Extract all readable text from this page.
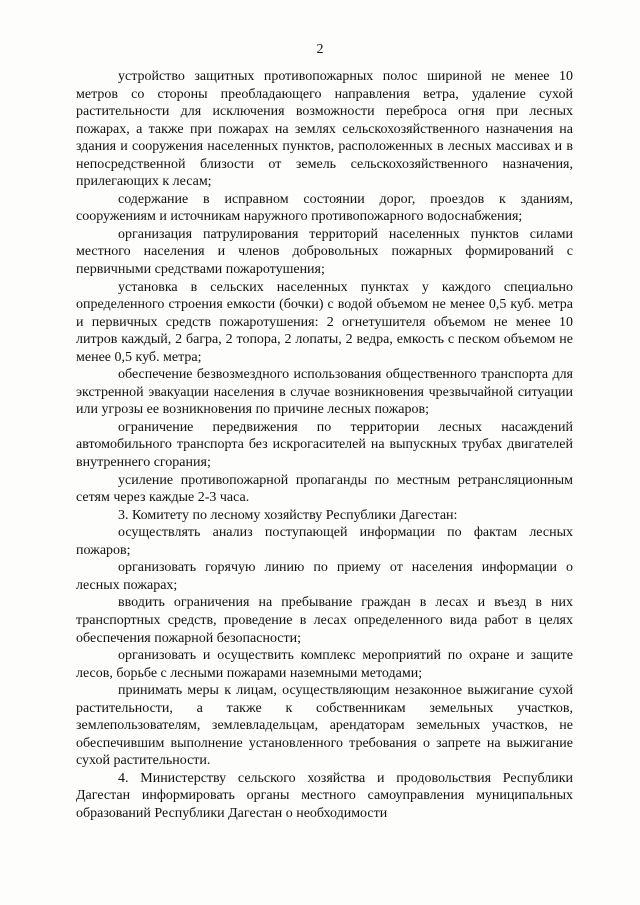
2

устройство защитных противопожарных полос шириной не менее 10 метров со стороны преобладающего направления ветра, удаление сухой растительности для исключения возможности переброса огня при лесных пожарах, а также при пожарах на землях сельскохозяйственного назначения на здания и сооружения населенных пунктов, расположенных в лесных массивах и в непосредственной близости от земель сельскохозяйственного назначения, прилегающих к лесам;

содержание в исправном состоянии дорог, проездов к зданиям, сооружениям и источникам наружного противопожарного водоснабжения;

организация патрулирования территорий населенных пунктов силами местного населения и членов добровольных пожарных формирований с первичными средствами пожаротушения;

установка в сельских населенных пунктах у каждого специально определенного строения емкости (бочки) с водой объемом не менее 0,5 куб. метра и первичных средств пожаротушения: 2 огнетушителя объемом не менее 10 литров каждый, 2 багра, 2 топора, 2 лопаты, 2 ведра, емкость с песком объемом не менее 0,5 куб. метра;

обеспечение безвозмездного использования общественного транспорта для экстренной эвакуации населения в случае возникновения чрезвычайной ситуации или угрозы ее возникновения по причине лесных пожаров;

ограничение передвижения по территории лесных насаждений автомобильного транспорта без искрогасителей на выпускных трубах двигателей внутреннего сгорания;

усиление противопожарной пропаганды по местным ретрансляционным сетям через каждые 2-3 часа.

3. Комитету по лесному хозяйству Республики Дагестан:

осуществлять анализ поступающей информации по фактам лесных пожаров;

организовать горячую линию по приему от населения информации о лесных пожарах;

вводить ограничения на пребывание граждан в лесах и въезд в них транспортных средств, проведение в лесах определенного вида работ в целях обеспечения пожарной безопасности;

организовать и осуществить комплекс мероприятий по охране и защите лесов, борьбе с лесными пожарами наземными методами;

принимать меры к лицам, осуществляющим незаконное выжигание сухой растительности, а также к собственникам земельных участков, землепользователям, землевладельцам, арендаторам земельных участков, не обеспечившим выполнение установленного требования о запрете на выжигание сухой растительности.

4. Министерству сельского хозяйства и продовольствия Республики Дагестан информировать органы местного самоуправления муниципальных образований Республики Дагестан о необходимости
